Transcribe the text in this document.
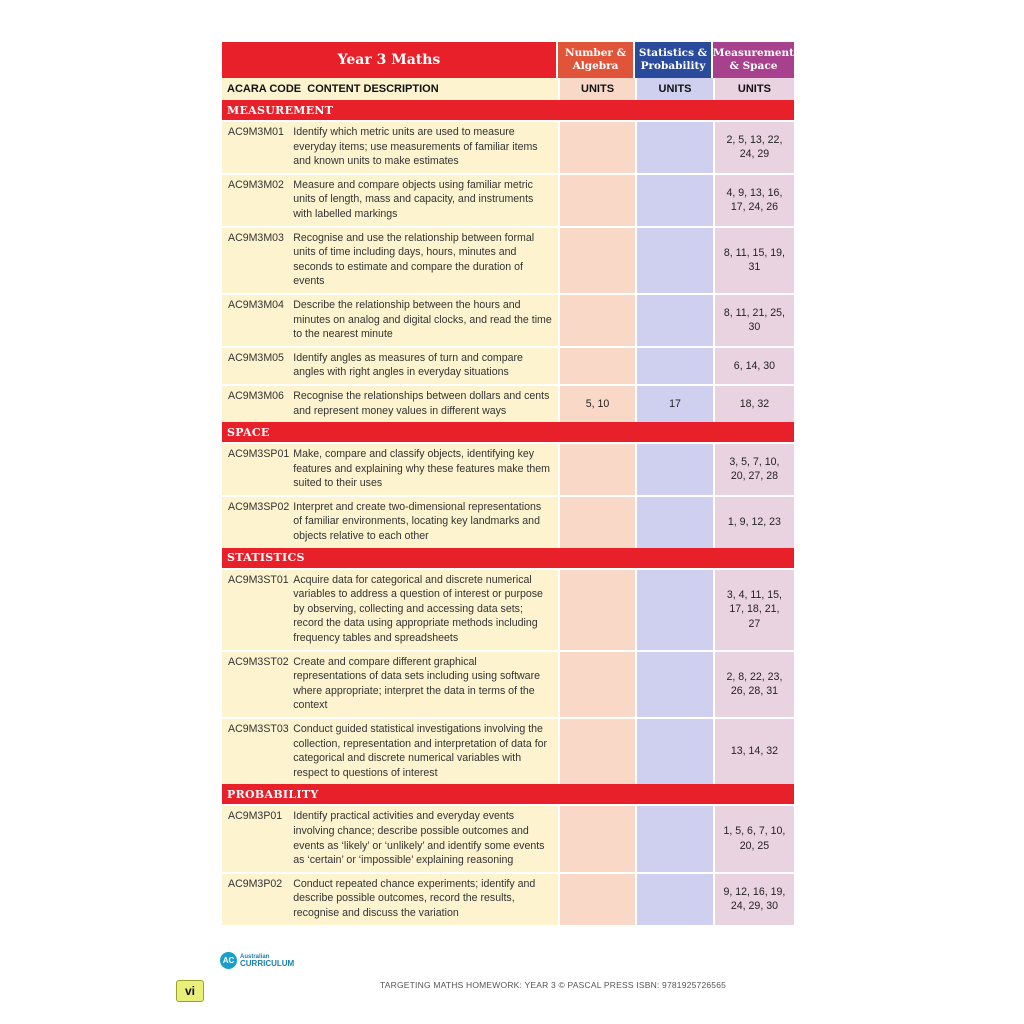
Year 3 Maths		Number & Algebra	Statistics & Probability	Measurement & Space
ACARA CODE CONTENT DESCRIPTION		UNITS	UNITS	UNITS
MEASUREMENT				
AC9M3M01	Identify which metric units are used to measure everyday items; use measurements of familiar items and known units to make estimates			2, 5, 13, 22, 24, 29
AC9M3M02	Measure and compare objects using familiar metric units of length, mass and capacity, and instruments with labelled markings			4, 9, 13, 16, 17, 24, 26
AC9M3M03	Recognise and use the relationship between formal units of time including days, hours, minutes and seconds to estimate and compare the duration of events			8, 11, 15, 19, 31
AC9M3M04	Describe the relationship between the hours and minutes on analog and digital clocks, and read the time to the nearest minute			8, 11, 21, 25, 30
AC9M3M05	Identify angles as measures of turn and compare angles with right angles in everyday situations			6, 14, 30
AC9M3M06	Recognise the relationships between dollars and cents and represent money values in different ways	5, 10	17	18, 32
SPACE				
AC9M3SP01	Make, compare and classify objects, identifying key features and explaining why these features make them suited to their uses			3, 5, 7, 10, 20, 27, 28
AC9M3SP02	Interpret and create two-dimensional representations of familiar environments, locating key landmarks and objects relative to each other			1, 9, 12, 23
STATISTICS				
AC9M3ST01	Acquire data for categorical and discrete numerical variables to address a question of interest or purpose by observing, collecting and accessing data sets; record the data using appropriate methods including frequency tables and spreadsheets			3, 4, 11, 15, 17, 18, 21, 27
AC9M3ST02	Create and compare different graphical representations of data sets including using software where appropriate; interpret the data in terms of the context			2, 8, 22, 23, 26, 28, 31
AC9M3ST03	Conduct guided statistical investigations involving the collection, representation and interpretation of data for categorical and discrete numerical variables with respect to questions of interest			13, 14, 32
PROBABILITY				
AC9M3P01	Identify practical activities and everyday events involving chance; describe possible outcomes and events as ‘likely’ or ‘unlikely’ and identify some events as ‘certain’ or ‘impossible’ explaining reasoning			1, 5, 6, 7, 10, 20, 25
AC9M3P02	Conduct repeated chance experiments; identify and describe possible outcomes, record the results, recognise and discuss the variation			9, 12, 16, 19, 24, 29, 30
AC Australian
CURRICULUM
vi	TARGETING MATHS HOMEWORK: YEAR 3 © PASCAL PRESS ISBN: 9781925726565
